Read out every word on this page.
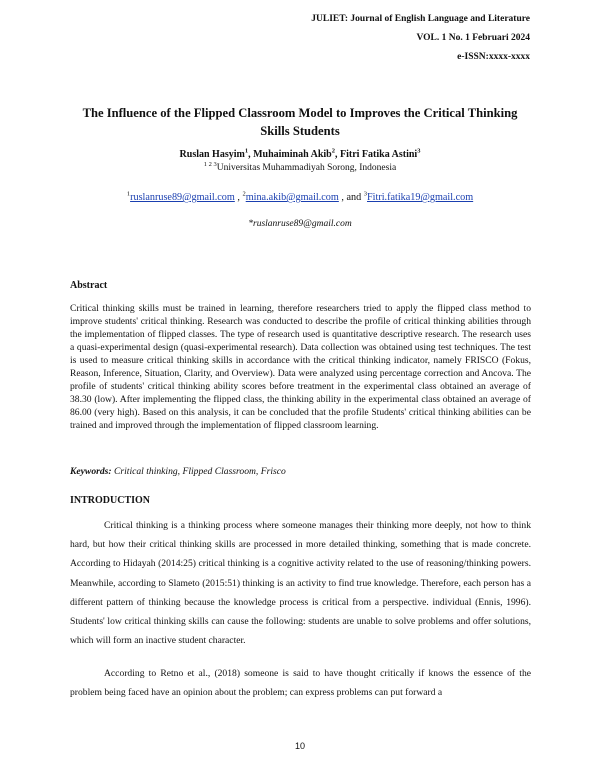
JULIET: Journal of English Language and Literature
VOL. 1 No. 1 Februari 2024
e-ISSN:xxxx-xxxx
The Influence of the Flipped Classroom Model to Improves the Critical Thinking Skills Students
Ruslan Hasyim$^1$, Muhaiminah Akib$^2$, Fitri Fatika Astini$^3$
$^{1 2 3}$Universitas Muhammadiyah Sorong, Indonesia
$^1$ruslanruse89@gmail.com , $^2$mina.akib@gmail.com , and $^3$Fitri.fatika19@gmail.com
*ruslanruse89@gmail.com
Abstract
Critical thinking skills must be trained in learning, therefore researchers tried to apply the flipped class method to improve students' critical thinking. Research was conducted to describe the profile of critical thinking abilities through the implementation of flipped classes. The type of research used is quantitative descriptive research. The research uses a quasi-experimental design (quasi-experimental research). Data collection was obtained using test techniques. The test is used to measure critical thinking skills in accordance with the critical thinking indicator, namely FRISCO (Fokus, Reason, Inference, Situation, Clarity, and Overview). Data were analyzed using percentage correction and Ancova. The profile of students' critical thinking ability scores before treatment in the experimental class obtained an average of 38.30 (low). After implementing the flipped class, the thinking ability in the experimental class obtained an average of 86.00 (very high). Based on this analysis, it can be concluded that the profile Students' critical thinking abilities can be trained and improved through the implementation of flipped classroom learning.
Keywords: Critical thinking, Flipped Classroom, Frisco
INTRODUCTION

Critical thinking is a thinking process where someone manages their thinking more deeply, not how to think hard, but how their critical thinking skills are processed in more detailed thinking, something that is made concrete. According to Hidayah (2014:25) critical thinking is a cognitive activity related to the use of reasoning/thinking powers. Meanwhile, according to Slameto (2015:51) thinking is an activity to find true knowledge. Therefore, each person has a different pattern of thinking because the knowledge process is critical from a perspective. individual (Ennis, 1996). Students' low critical thinking skills can cause the following: students are unable to solve problems and offer solutions, which will form an inactive student character.

According to Retno et al., (2018) someone is said to have thought critically if knows the essence of the problem being faced have an opinion about the problem; can express problems can put forward a

10
